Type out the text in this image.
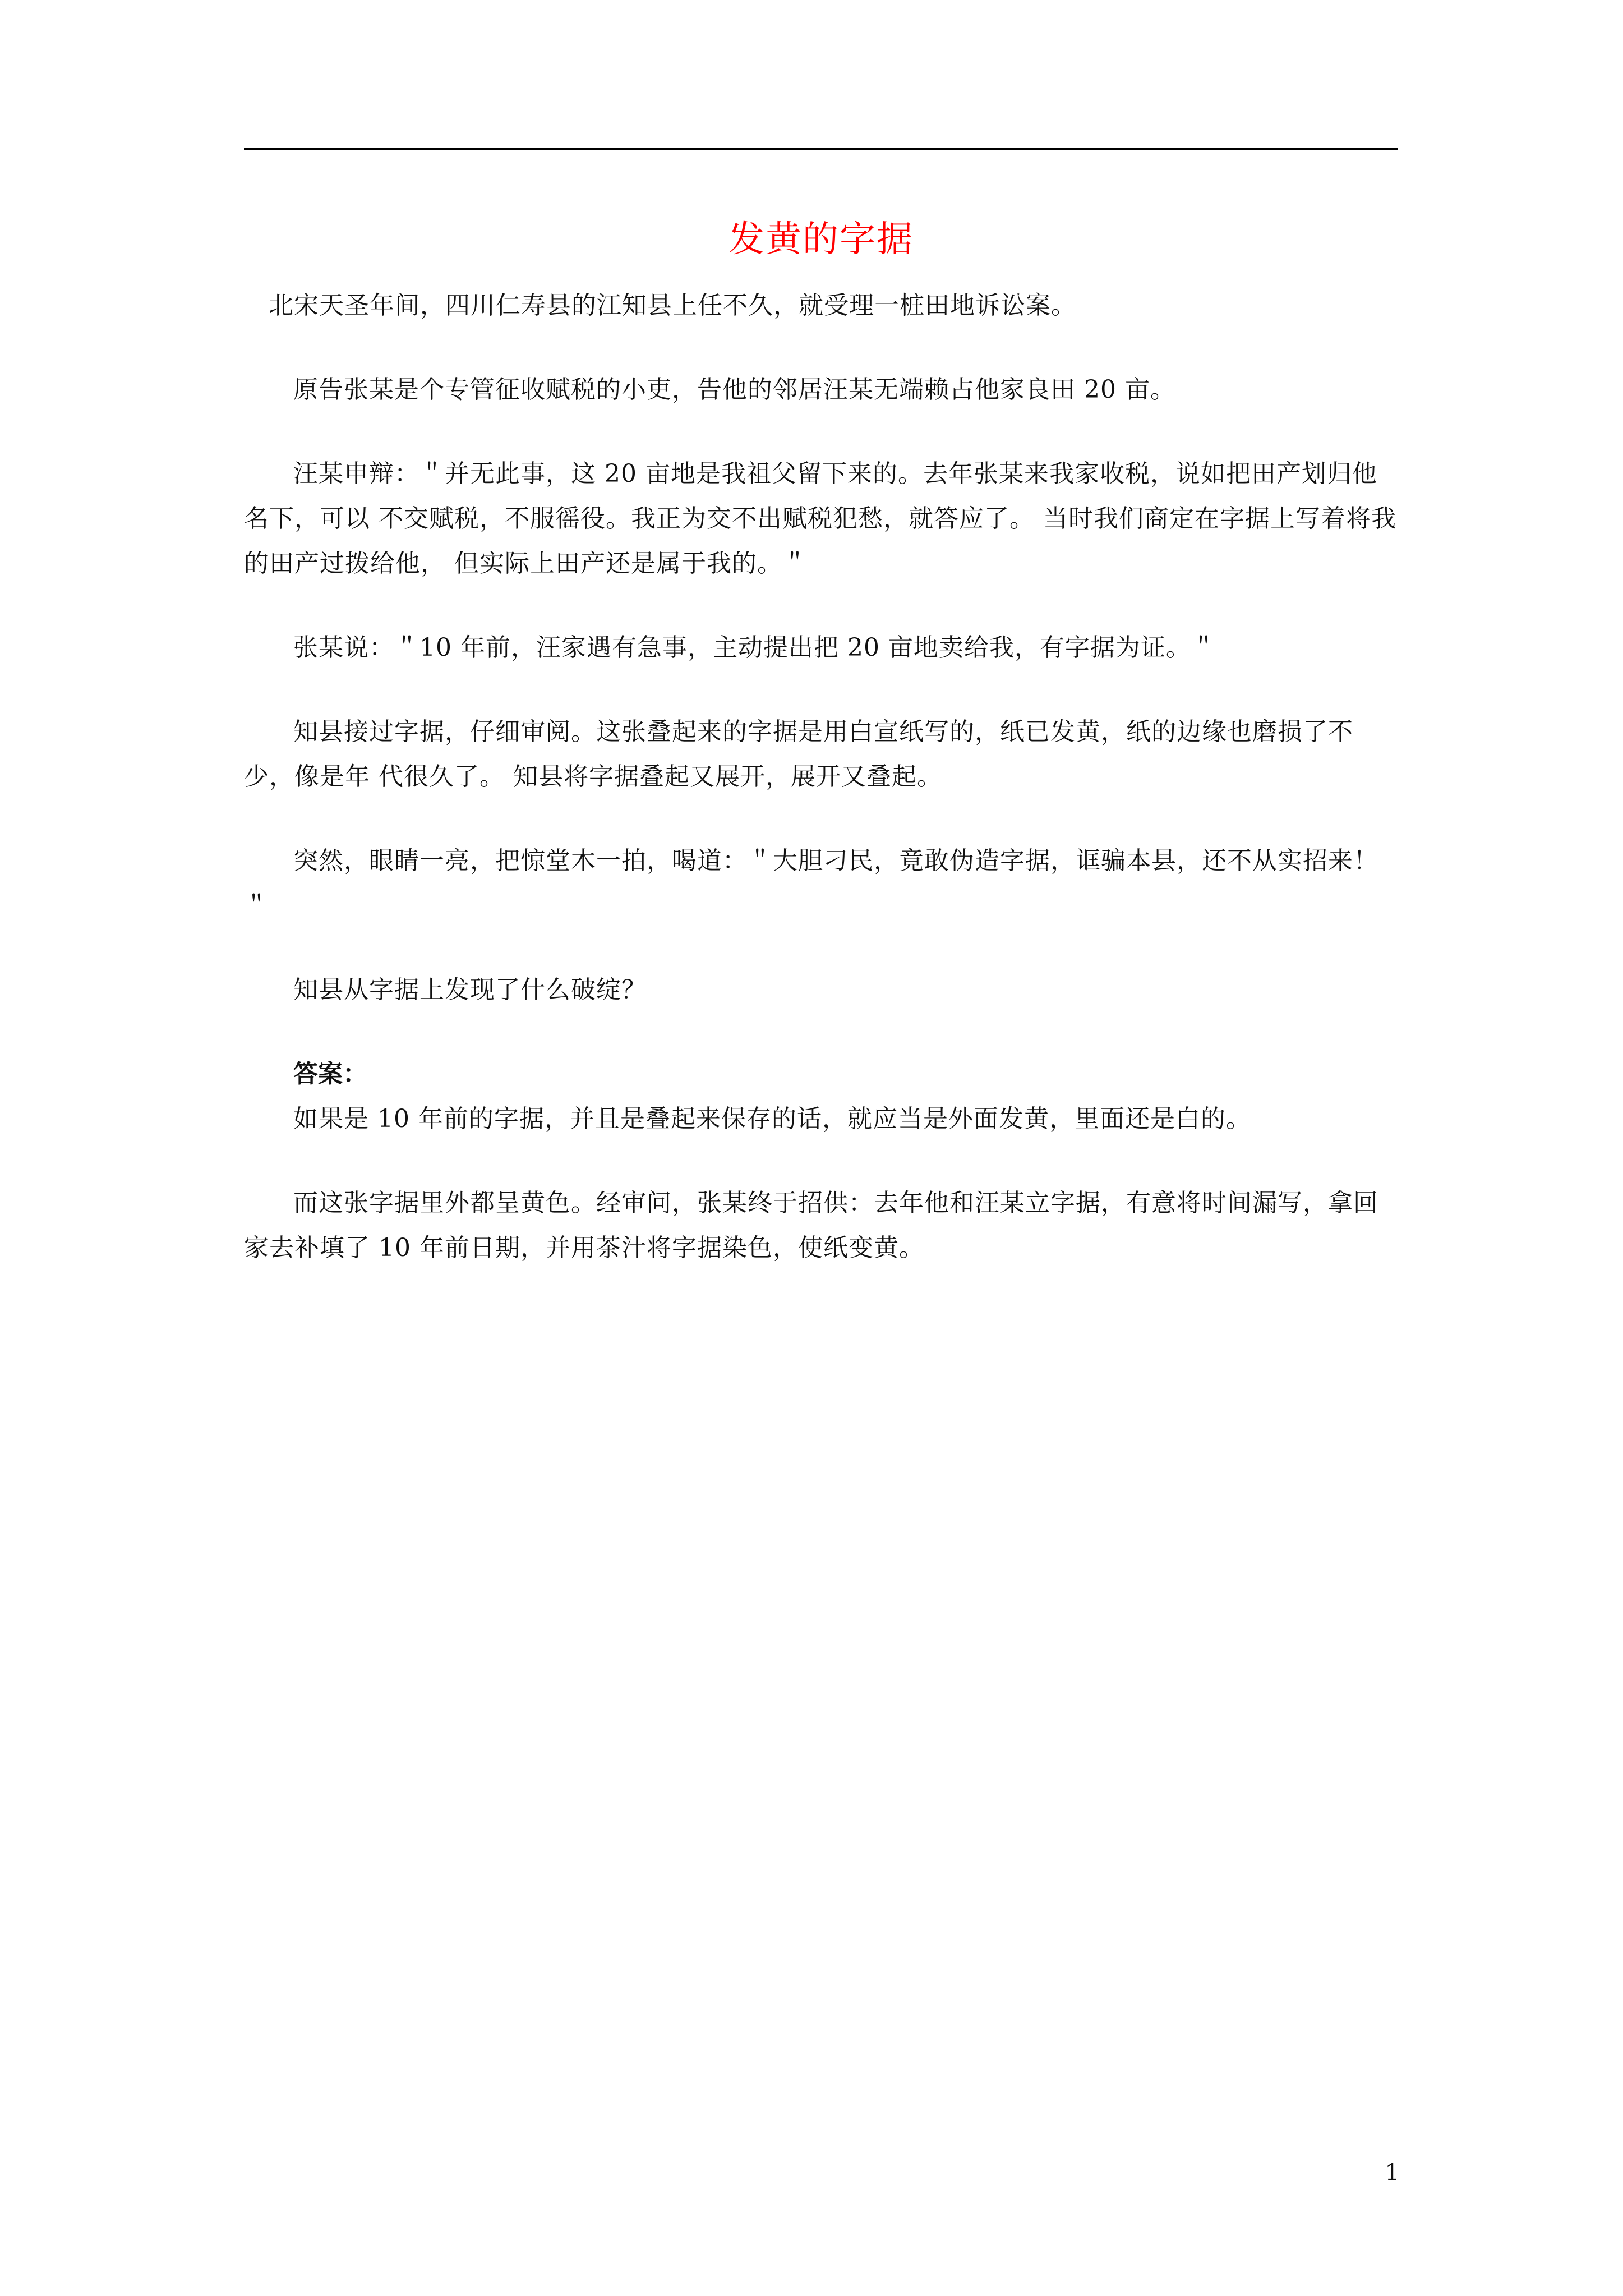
发黄的字据

北宋天圣年间，四川仁寿县的江知县上任不久，就受理一桩田地诉讼案。

原告张某是个专管征收赋税的小吏，告他的邻居汪某无端赖占他家良田 20 亩。

汪某申辩：＂并无此事，这 20 亩地是我祖父留下来的。去年张某来我家收税，说如把田产划归他名下，可以 不交赋税，不服徭役。我正为交不出赋税犯愁，就答应了。 当时我们商定在字据上写着将我的田产过拨给他， 但实际上田产还是属于我的。＂

张某说：＂10 年前，汪家遇有急事，主动提出把 20 亩地卖给我，有字据为证。＂

知县接过字据，仔细审阅。这张叠起来的字据是用白宣纸写的，纸已发黄，纸的边缘也磨损了不少，像是年 代很久了。 知县将字据叠起又展开，展开又叠起。

突然，眼睛一亮，把惊堂木一拍，喝道：＂大胆刁民，竟敢伪造字据，诓骗本县，还不从实招来！＂

知县从字据上发现了什么破绽？

答案：

如果是 10 年前的字据，并且是叠起来保存的话，就应当是外面发黄，里面还是白的。

而这张字据里外都呈黄色。经审问，张某终于招供：去年他和汪某立字据，有意将时间漏写，拿回家去补填了 10 年前日期，并用茶汁将字据染色，使纸变黄。

1
